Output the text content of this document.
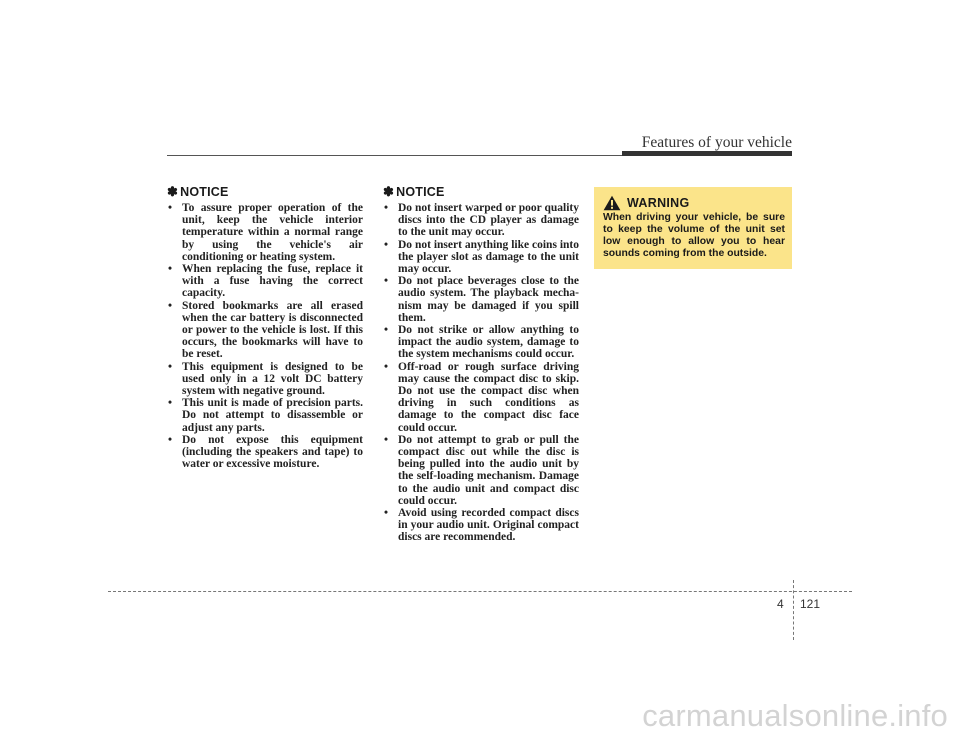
Features of your vehicle
✽ NOTICE
• To assure proper operation of the unit, keep the vehicle interior temperature within a normal range by using the vehicle's air conditioning or heating system.
• When replacing the fuse, replace it with a fuse having the correct capacity.
• Stored bookmarks are all erased when the car battery is disconnected or power to the vehicle is lost. If this occurs, the bookmarks will have to be reset.
• This equipment is designed to be used only in a 12 volt DC battery system with negative ground.
• This unit is made of precision parts. Do not attempt to disassemble or adjust any parts.
• Do not expose this equipment (including the speakers and tape) to water or excessive moisture.
✽ NOTICE
• Do not insert warped or poor quality discs into the CD player as damage to the unit may occur.
• Do not insert anything like coins into the player slot as damage to the unit may occur.
• Do not place beverages close to the audio system. The playback mechanism may be damaged if you spill them.
• Do not strike or allow anything to impact the audio system, damage to the system mechanisms could occur.
• Off-road or rough surface driving may cause the compact disc to skip. Do not use the compact disc when driving in such conditions as damage to the compact disc face could occur.
• Do not attempt to grab or pull the compact disc out while the disc is being pulled into the audio unit by the self-loading mechanism. Damage to the audio unit and compact disc could occur.
• Avoid using recorded compact discs in your audio unit. Original compact discs are recommended.
WARNING
When driving your vehicle, be sure to keep the volume of the unit set low enough to allow you to hear sounds coming from the outside.
4 121
carmanualsonline.info
